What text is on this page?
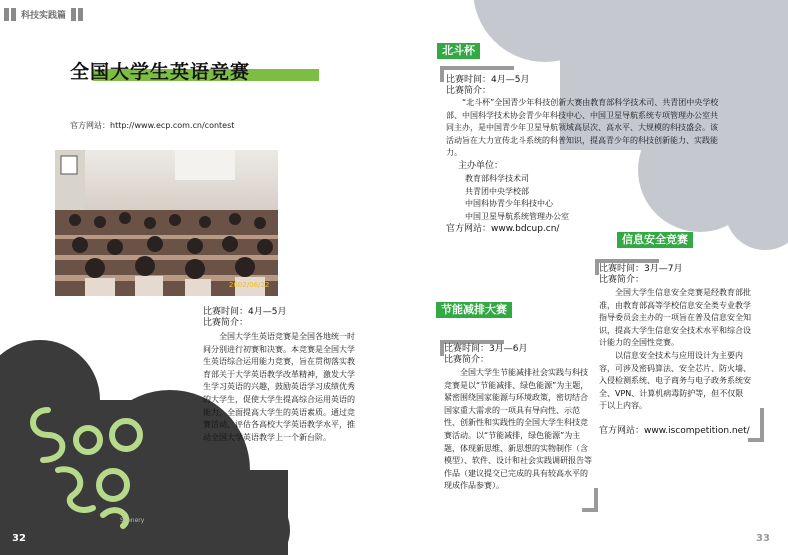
科技实践篇
全国大学生英语竞赛
官方网站：http://www.ecp.com.cn/contest
2002/06/22
比赛时间：4月—5月
比赛简介：

全国大学生英语竞赛是全国各地统一时间分别进行初赛和决赛。本竞赛是全国大学生英语综合运用能力竞赛，旨在贯彻落实教育部关于大学英语教学改革精神，激发大学生学习英语的兴趣，鼓励英语学习成绩优秀的大学生，促使大学生提高综合运用英语的能力，全面提高大学生的英语素质。通过竞赛活动，评估各高校大学英语教学水平，推动全国大学英语教学上一个新台阶。

Scenery
32
北斗杯
比赛时间：4月—5月
比赛简介：

“北斗杯”全国青少年科技创新大赛由教育部科学技术司、共青团中央学校部、中国科学技术协会青少年科技中心、中国卫星导航系统专项管理办公室共同主办，是中国青少年卫星导航领域高层次、高水平、大规模的科技盛会。该活动旨在大力宣传北斗系统的科普知识，提高青少年的科技创新能力、实践能力。

主办单位：
教育部科学技术司
共青团中央学校部
中国科协青少年科技中心
中国卫星导航系统管理办公室
官方网站：www.bdcup.cn/
节能减排大赛
比赛时间：3月—6月
比赛简介：

全国大学生节能减排社会实践与科技竞赛是以“节能减排、绿色能源”为主题，紧密围绕国家能源与环境政策，密切结合国家重大需求的一项具有导向性、示范性、创新性和实践性的全国大学生科技竞赛活动。以“节能减排，绿色能源”为主题，体现新思维、新思想的实物制作（含模型）、软件、设计和社会实践调研报告等作品（建议提交已完成的具有较高水平的现成作品参赛）。

信息安全竞赛
比赛时间：3月—7月
比赛简介：

全国大学生信息安全竞赛是经教育部批准，由教育部高等学校信息安全类专业教学指导委员会主办的一项旨在普及信息安全知识，提高大学生信息安全技术水平和综合设计能力的全国性竞赛。

以信息安全技术与应用设计为主要内容，可涉及密码算法、安全芯片、防火墙、入侵检测系统、电子商务与电子政务系统安全、VPN、计算机病毒防护等，但不仅限于以上内容。

官方网站：www.iscompetition.net/
33
